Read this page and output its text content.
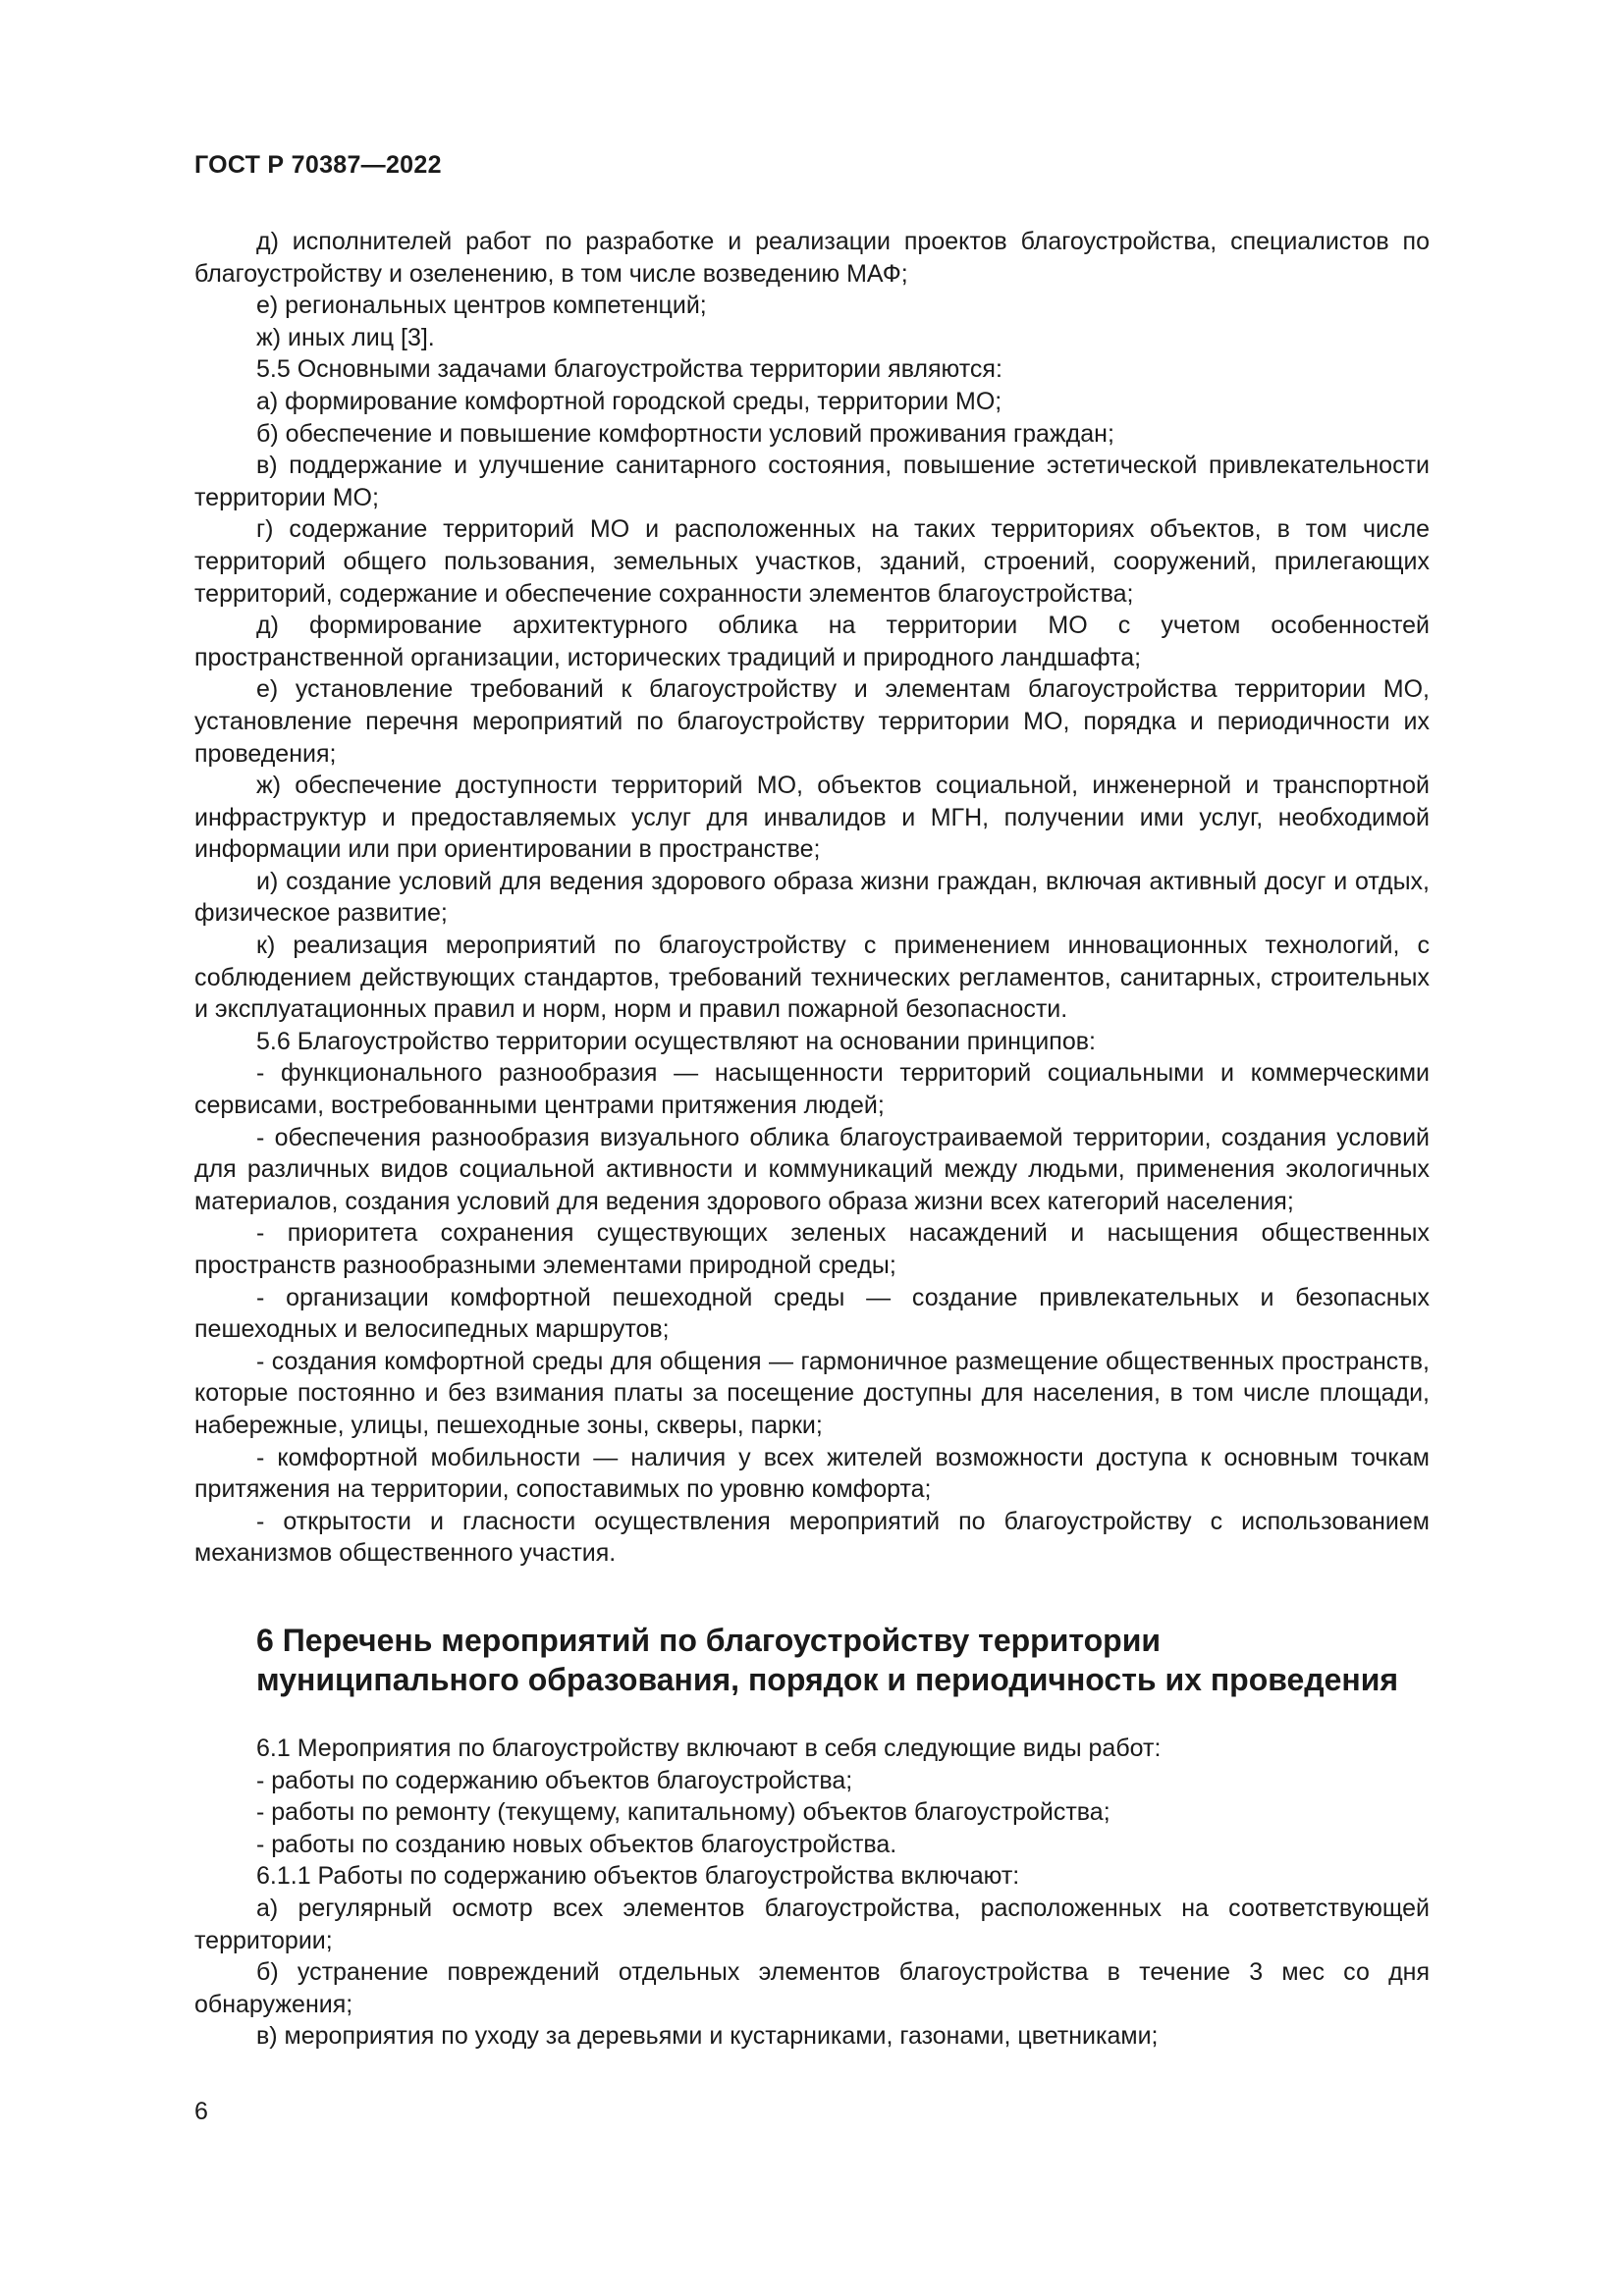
ГОСТ Р 70387—2022

д) исполнителей работ по разработке и реализации проектов благоустройства, специалистов по благоустройству и озеленению, в том числе возведению МАФ;

е) региональных центров компетенций;

ж) иных лиц [3].

5.5 Основными задачами благоустройства территории являются:

а) формирование комфортной городской среды, территории МО;

б) обеспечение и повышение комфортности условий проживания граждан;

в) поддержание и улучшение санитарного состояния, повышение эстетической привлекательности территории МО;

г) содержание территорий МО и расположенных на таких территориях объектов, в том числе территорий общего пользования, земельных участков, зданий, строений, сооружений, прилегающих территорий, содержание и обеспечение сохранности элементов благоустройства;

д) формирование архитектурного облика на территории МО с учетом особенностей пространственной организации, исторических традиций и природного ландшафта;

е) установление требований к благоустройству и элементам благоустройства территории МО, установление перечня мероприятий по благоустройству территории МО, порядка и периодичности их проведения;

ж) обеспечение доступности территорий МО, объектов социальной, инженерной и транспортной инфраструктур и предоставляемых услуг для инвалидов и МГН, получении ими услуг, необходимой информации или при ориентировании в пространстве;

и) создание условий для ведения здорового образа жизни граждан, включая активный досуг и отдых, физическое развитие;

к) реализация мероприятий по благоустройству с применением инновационных технологий, с соблюдением действующих стандартов, требований технических регламентов, санитарных, строительных и эксплуатационных правил и норм, норм и правил пожарной безопасности.

5.6 Благоустройство территории осуществляют на основании принципов:

- функционального разнообразия — насыщенности территорий социальными и коммерческими сервисами, востребованными центрами притяжения людей;

- обеспечения разнообразия визуального облика благоустраиваемой территории, создания условий для различных видов социальной активности и коммуникаций между людьми, применения экологичных материалов, создания условий для ведения здорового образа жизни всех категорий населения;

- приоритета сохранения существующих зеленых насаждений и насыщения общественных пространств разнообразными элементами природной среды;

- организации комфортной пешеходной среды — создание привлекательных и безопасных пешеходных и велосипедных маршрутов;

- создания комфортной среды для общения — гармоничное размещение общественных пространств, которые постоянно и без взимания платы за посещение доступны для населения, в том числе площади, набережные, улицы, пешеходные зоны, скверы, парки;

- комфортной мобильности — наличия у всех жителей возможности доступа к основным точкам притяжения на территории, сопоставимых по уровню комфорта;

- открытости и гласности осуществления мероприятий по благоустройству с использованием механизмов общественного участия.

6 Перечень мероприятий по благоустройству территории муниципального образования, порядок и периодичность их проведения

6.1 Мероприятия по благоустройству включают в себя следующие виды работ:

- работы по содержанию объектов благоустройства;

- работы по ремонту (текущему, капитальному) объектов благоустройства;

- работы по созданию новых объектов благоустройства.

6.1.1 Работы по содержанию объектов благоустройства включают:

а) регулярный осмотр всех элементов благоустройства, расположенных на соответствующей территории;

б) устранение повреждений отдельных элементов благоустройства в течение 3 мес со дня обнаружения;

в) мероприятия по уходу за деревьями и кустарниками, газонами, цветниками;

6
